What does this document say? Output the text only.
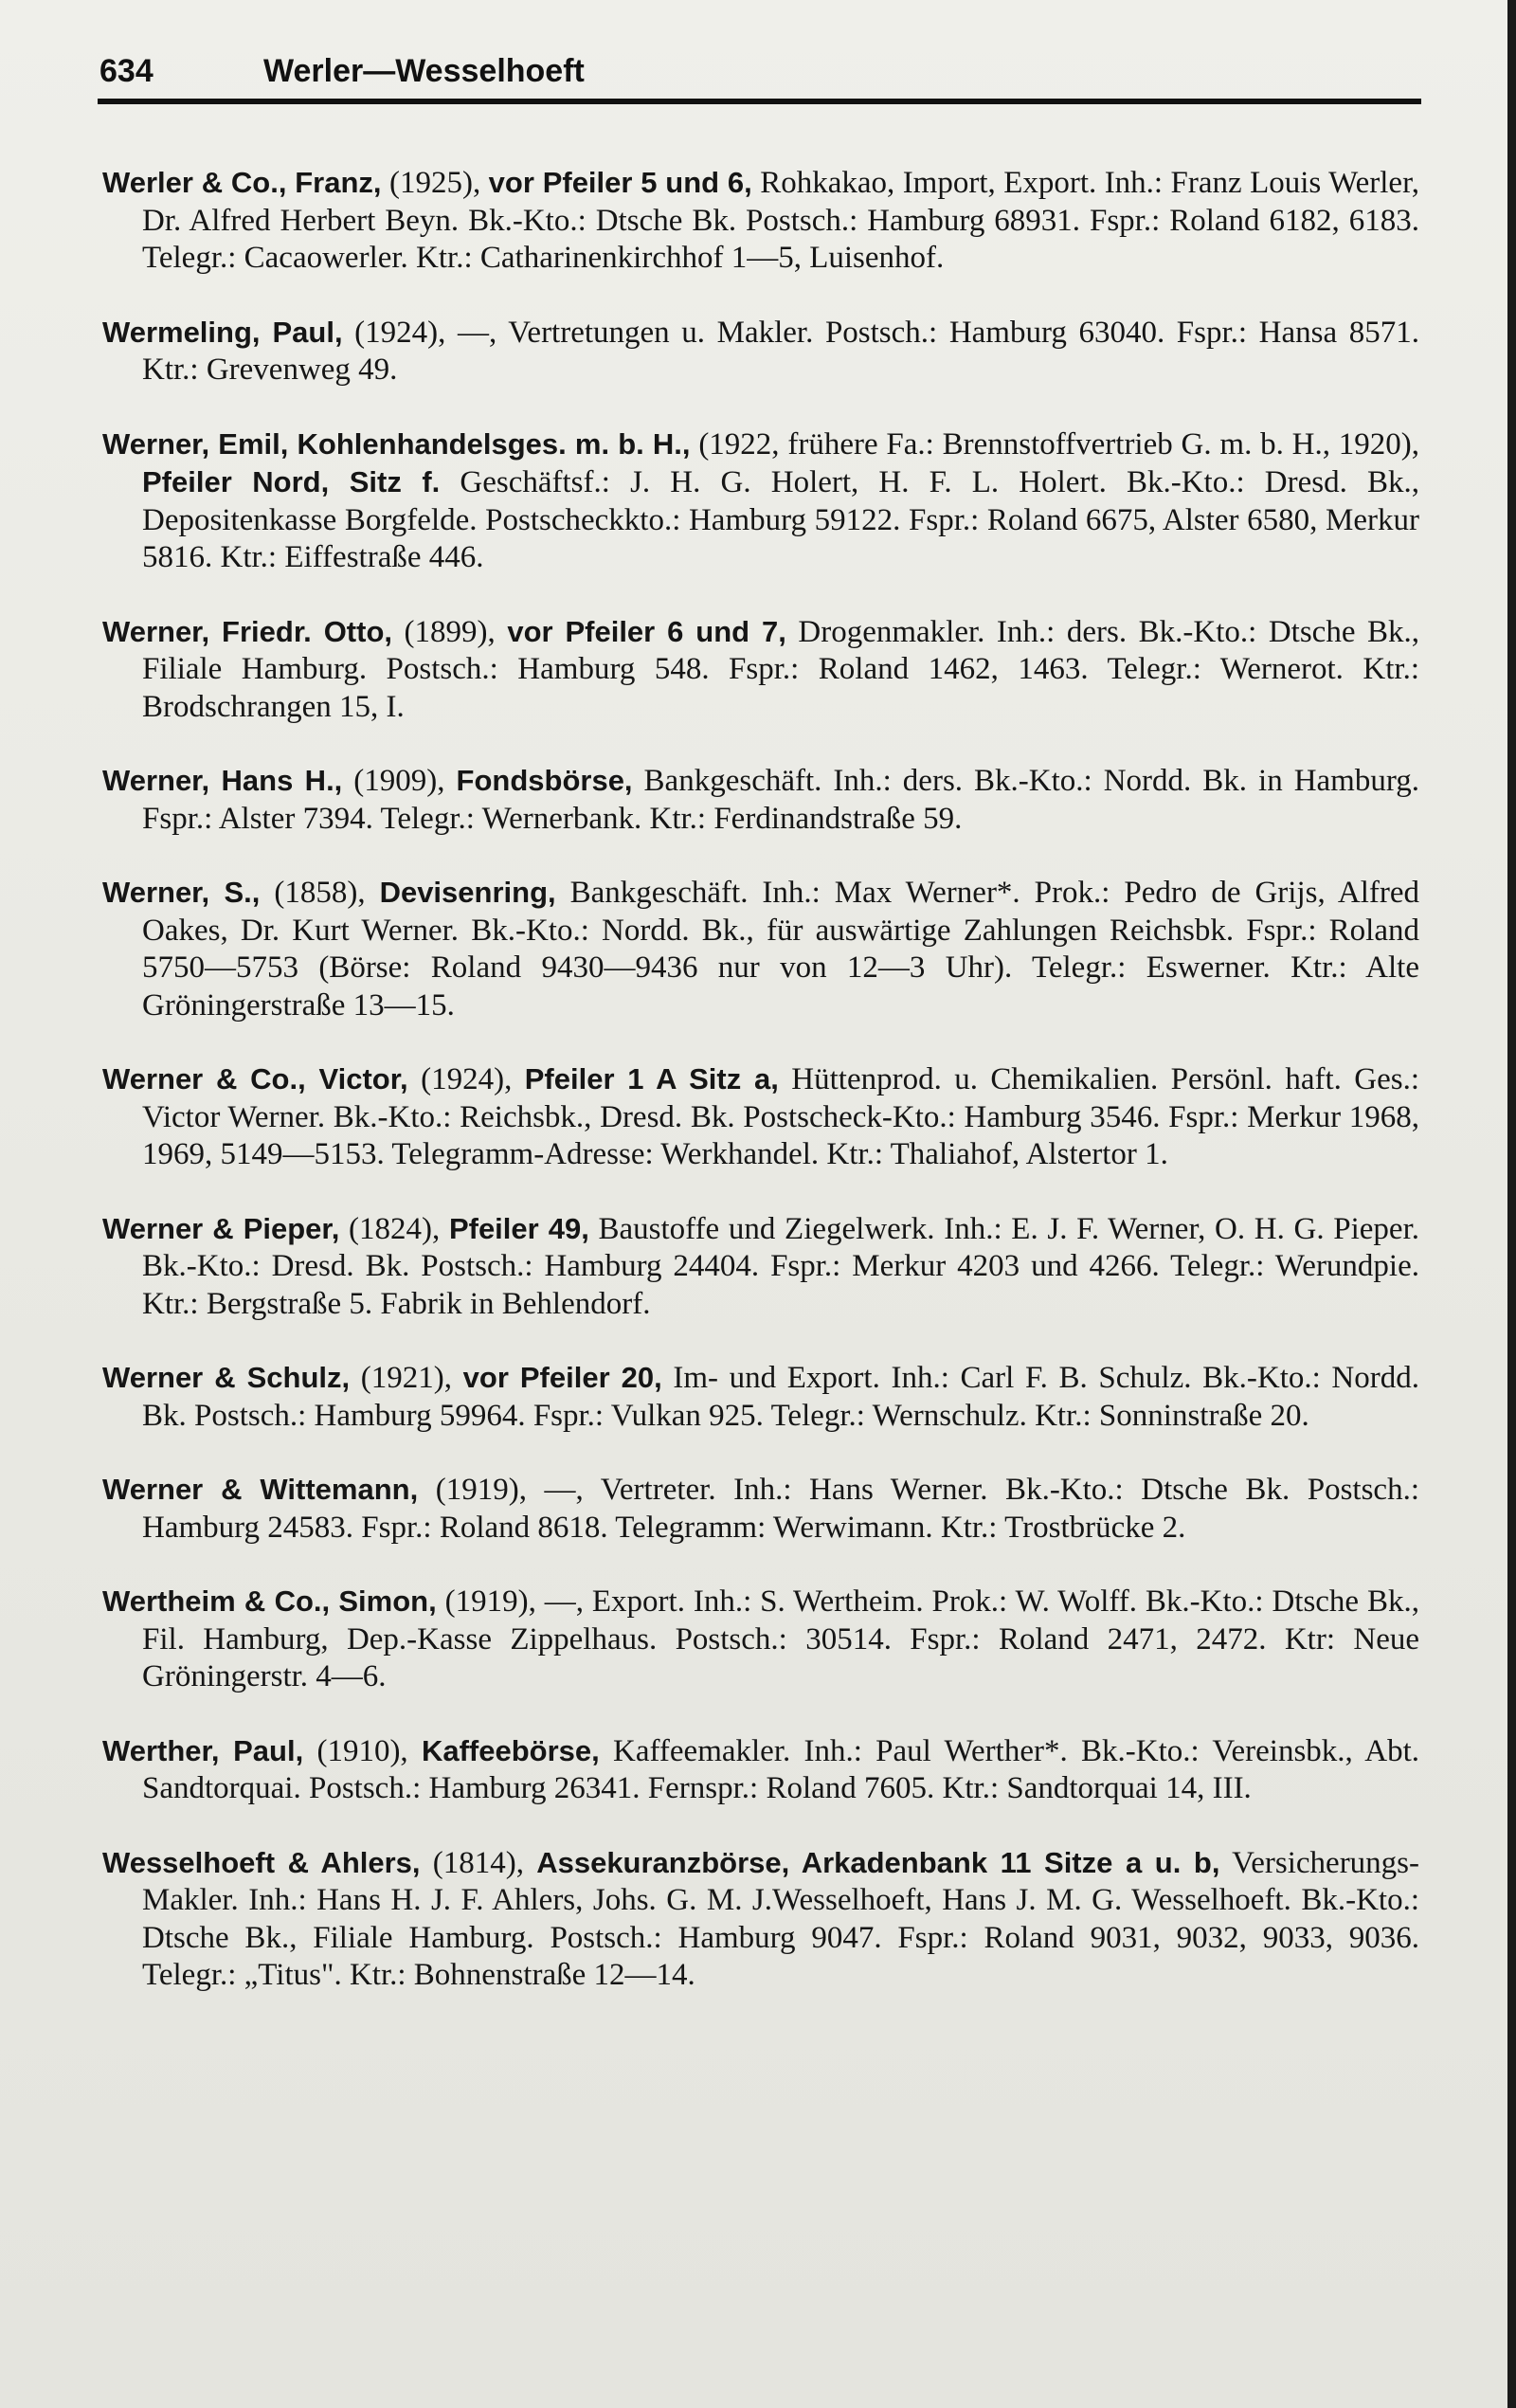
634	Werler—Wesselhoeft

Werler & Co., Franz, (1925), vor Pfeiler 5 und 6, Rohkakao, Import, Export. Inh.: Franz Louis Werler, Dr. Alfred Herbert Beyn. Bk.-Kto.: Dtsche Bk. Postsch.: Hamburg 68931. Fspr.: Roland 6182, 6183. Telegr.: Cacaowerler. Ktr.: Catharinenkirchhof 1—5, Luisenhof.

Wermeling, Paul, (1924), —, Vertretungen u. Makler. Postsch.: Hamburg 63040. Fspr.: Hansa 8571. Ktr.: Grevenweg 49.

Werner, Emil, Kohlenhandelsges. m. b. H., (1922, frühere Fa.: Brennstoffvertrieb G. m. b. H., 1920), Pfeiler Nord, Sitz f. Geschäftsf.: J. H. G. Holert, H. F. L. Holert. Bk.-Kto.: Dresd. Bk., Depositenkasse Borgfelde. Postscheckkto.: Hamburg 59122. Fspr.: Roland 6675, Alster 6580, Merkur 5816. Ktr.: Eiffestraße 446.

Werner, Friedr. Otto, (1899), vor Pfeiler 6 und 7, Drogenmakler. Inh.: ders. Bk.-Kto.: Dtsche Bk., Filiale Hamburg. Postsch.: Hamburg 548. Fspr.: Roland 1462, 1463. Telegr.: Wernerot. Ktr.: Brodschrangen 15, I.

Werner, Hans H., (1909), Fondsbörse, Bankgeschäft. Inh.: ders. Bk.-Kto.: Nordd. Bk. in Hamburg. Fspr.: Alster 7394. Telegr.: Wernerbank. Ktr.: Ferdinandstraße 59.

Werner, S., (1858), Devisenring, Bankgeschäft. Inh.: Max Werner*. Prok.: Pedro de Grijs, Alfred Oakes, Dr. Kurt Werner. Bk.-Kto.: Nordd. Bk., für auswärtige Zahlungen Reichsbk. Fspr.: Roland 5750—5753 (Börse: Roland 9430—9436 nur von 12—3 Uhr). Telegr.: Eswerner. Ktr.: Alte Gröningerstraße 13—15.

Werner & Co., Victor, (1924), Pfeiler 1 A Sitz a, Hüttenprod. u. Chemikalien. Persönl. haft. Ges.: Victor Werner. Bk.-Kto.: Reichsbk., Dresd. Bk. Postscheck-Kto.: Hamburg 3546. Fspr.: Merkur 1968, 1969, 5149—5153. Telegramm-Adresse: Werkhandel. Ktr.: Thaliahof, Alstertor 1.

Werner & Pieper, (1824), Pfeiler 49, Baustoffe und Ziegelwerk. Inh.: E. J. F. Werner, O. H. G. Pieper. Bk.-Kto.: Dresd. Bk. Postsch.: Hamburg 24404. Fspr.: Merkur 4203 und 4266. Telegr.: Werundpie. Ktr.: Bergstraße 5. Fabrik in Behlendorf.

Werner & Schulz, (1921), vor Pfeiler 20, Im- und Export. Inh.: Carl F. B. Schulz. Bk.-Kto.: Nordd. Bk. Postsch.: Hamburg 59964. Fspr.: Vulkan 925. Telegr.: Wernschulz. Ktr.: Sonninstraße 20.

Werner & Wittemann, (1919), —, Vertreter. Inh.: Hans Werner. Bk.-Kto.: Dtsche Bk. Postsch.: Hamburg 24583. Fspr.: Roland 8618. Telegramm: Werwimann. Ktr.: Trostbrücke 2.

Wertheim & Co., Simon, (1919), —, Export. Inh.: S. Wertheim. Prok.: W. Wolff. Bk.-Kto.: Dtsche Bk., Fil. Hamburg, Dep.-Kasse Zippelhaus. Postsch.: 30514. Fspr.: Roland 2471, 2472. Ktr: Neue Gröningerstr. 4—6.

Werther, Paul, (1910), Kaffeebörse, Kaffeemakler. Inh.: Paul Werther*. Bk.-Kto.: Vereinsbk., Abt. Sandtorquai. Postsch.: Hamburg 26341. Fernspr.: Roland 7605. Ktr.: Sandtorquai 14, III.

Wesselhoeft & Ahlers, (1814), Assekuranzbörse, Arkadenbank 11 Sitze a u. b, Versicherungs-Makler. Inh.: Hans H. J. F. Ahlers, Johs. G. M. J.Wesselhoeft, Hans J. M. G. Wesselhoeft. Bk.-Kto.: Dtsche Bk., Filiale Hamburg. Postsch.: Hamburg 9047. Fspr.: Roland 9031, 9032, 9033, 9036. Telegr.: „Titus". Ktr.: Bohnenstraße 12—14.
